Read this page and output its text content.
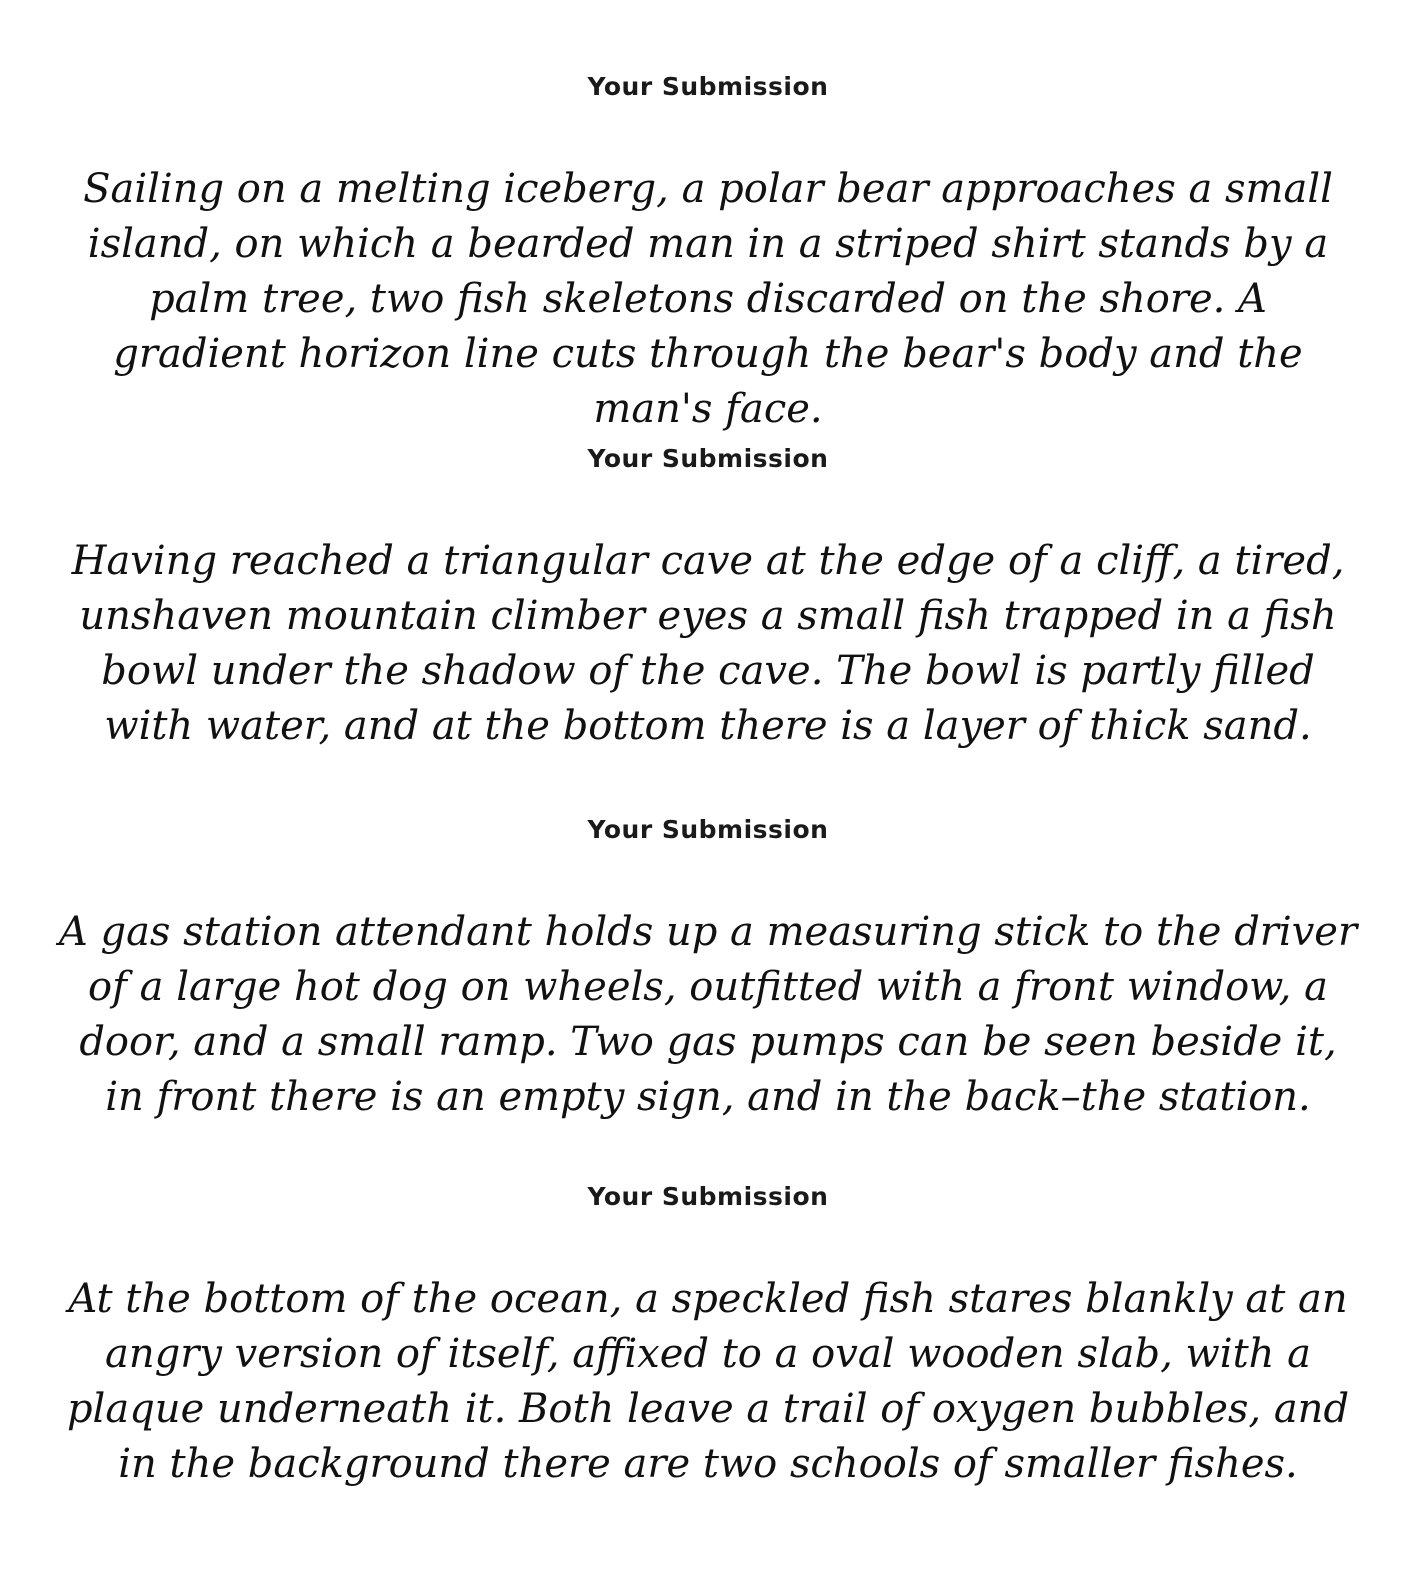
Your Submission

Sailing on a melting iceberg, a polar bear approaches a small island, on which a bearded man in a striped shirt stands by a palm tree, two fish skeletons discarded on the shore. A gradient horizon line cuts through the bear's body and the man's face.

Your Submission

Having reached a triangular cave at the edge of a cliff, a tired, unshaven mountain climber eyes a small fish trapped in a fish bowl under the shadow of the cave. The bowl is partly filled with water, and at the bottom there is a layer of thick sand.

Your Submission

A gas station attendant holds up a measuring stick to the driver of a large hot dog on wheels, outfitted with a front window, a door, and a small ramp. Two gas pumps can be seen beside it, in front there is an empty sign, and in the back–the station.

Your Submission

At the bottom of the ocean, a speckled fish stares blankly at an angry version of itself, affixed to a oval wooden slab, with a plaque underneath it. Both leave a trail of oxygen bubbles, and in the background there are two schools of smaller fishes.
